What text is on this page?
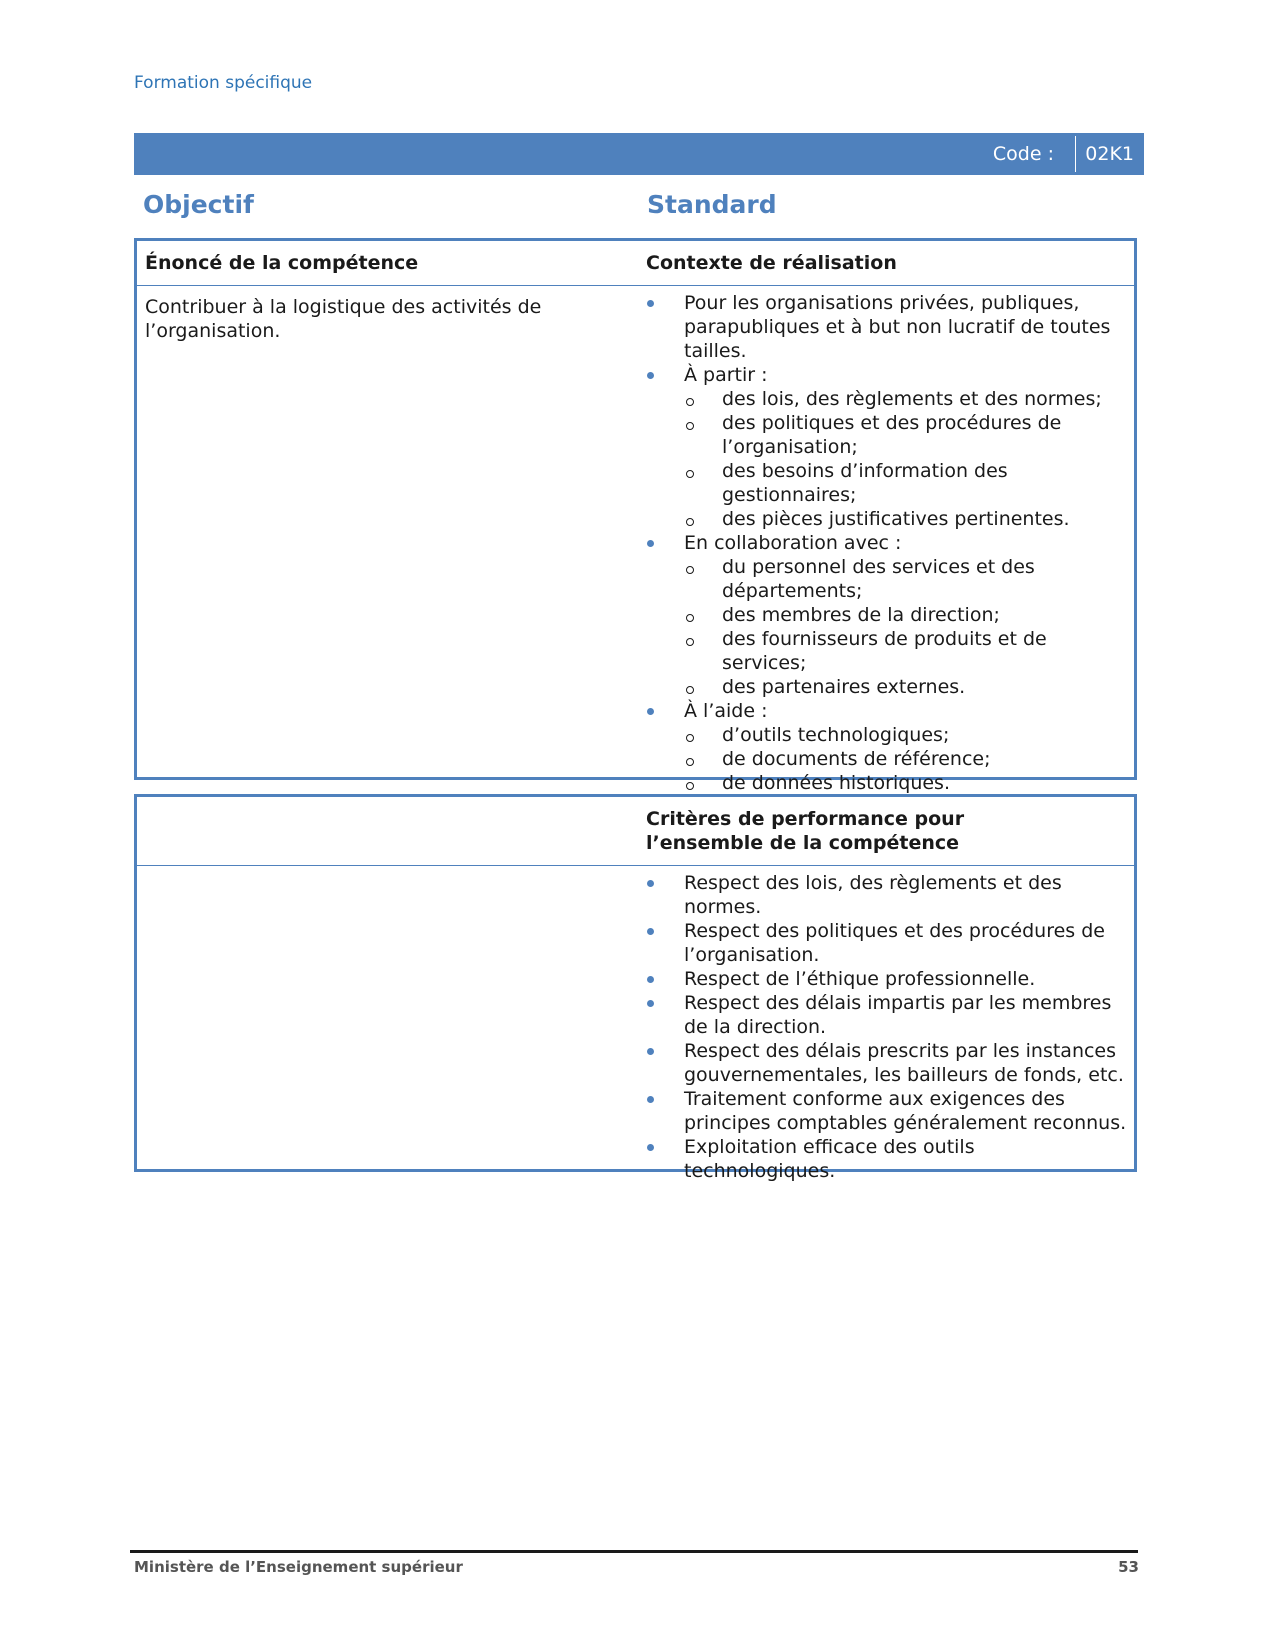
Formation spécifique
Code :	02K1
Objectif	Standard
Énoncé de la compétence	Contexte de réalisation
Contribuer à la logistique des activités de l’organisation.
Pour les organisations privées, publiques, parapubliques et à but non lucratif de toutes tailles.
À partir :
des lois, des règlements et des normes;
des politiques et des procédures de l’organisation;
des besoins d’information des gestionnaires;
des pièces justificatives pertinentes.
En collaboration avec :
du personnel des services et des départements;
des membres de la direction;
des fournisseurs de produits et de services;
des partenaires externes.
À l’aide :
d’outils technologiques;
de documents de référence;
de données historiques.
Critères de performance pour l’ensemble de la compétence
Respect des lois, des règlements et des normes.
Respect des politiques et des procédures de l’organisation.
Respect de l’éthique professionnelle.
Respect des délais impartis par les membres de la direction.
Respect des délais prescrits par les instances gouvernementales, les bailleurs de fonds, etc.
Traitement conforme aux exigences des principes comptables généralement reconnus.
Exploitation efficace des outils technologiques.
Ministère de l’Enseignement supérieur	53
